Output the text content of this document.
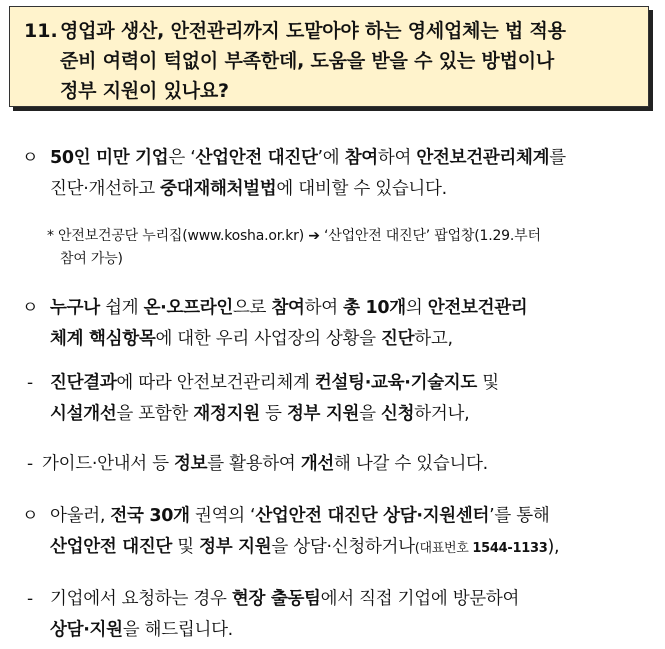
11. 영업과 생산, 안전관리까지 도맡아야 하는 영세업체는 법 적용
준비 여력이 턱없이 부족한데, 도움을 받을 수 있는 방법이나
정부 지원이 있나요?
ㅇ 50인 미만 기업은 ‘산업안전 대진단’에 참여하여 안전보건관리체계를
진단·개선하고 중대재해처벌법에 대비할 수 있습니다.
* 안전보건공단 누리집(www.kosha.or.kr) ➔ ‘산업안전 대진단’ 팝업창(1.29.부터
참여 가능)
ㅇ 누구나 쉽게 온·오프라인으로 참여하여 총 10개의 안전보건관리
체계 핵심항목에 대한 우리 사업장의 상황을 진단하고,
- 진단결과에 따라 안전보건관리체계 컨설팅·교육·기술지도 및
시설개선을 포함한 재정지원 등 정부 지원을 신청하거나,
- 가이드·안내서 등 정보를 활용하여 개선해 나갈 수 있습니다.
ㅇ 아울러, 전국 30개 권역의 ‘산업안전 대진단 상담·지원센터’를 통해
산업안전 대진단 및 정부 지원을 상담·신청하거나(대표번호 1544-1133),
- 기업에서 요청하는 경우 현장 출동팀에서 직접 기업에 방문하여
상담·지원을 해드립니다.
